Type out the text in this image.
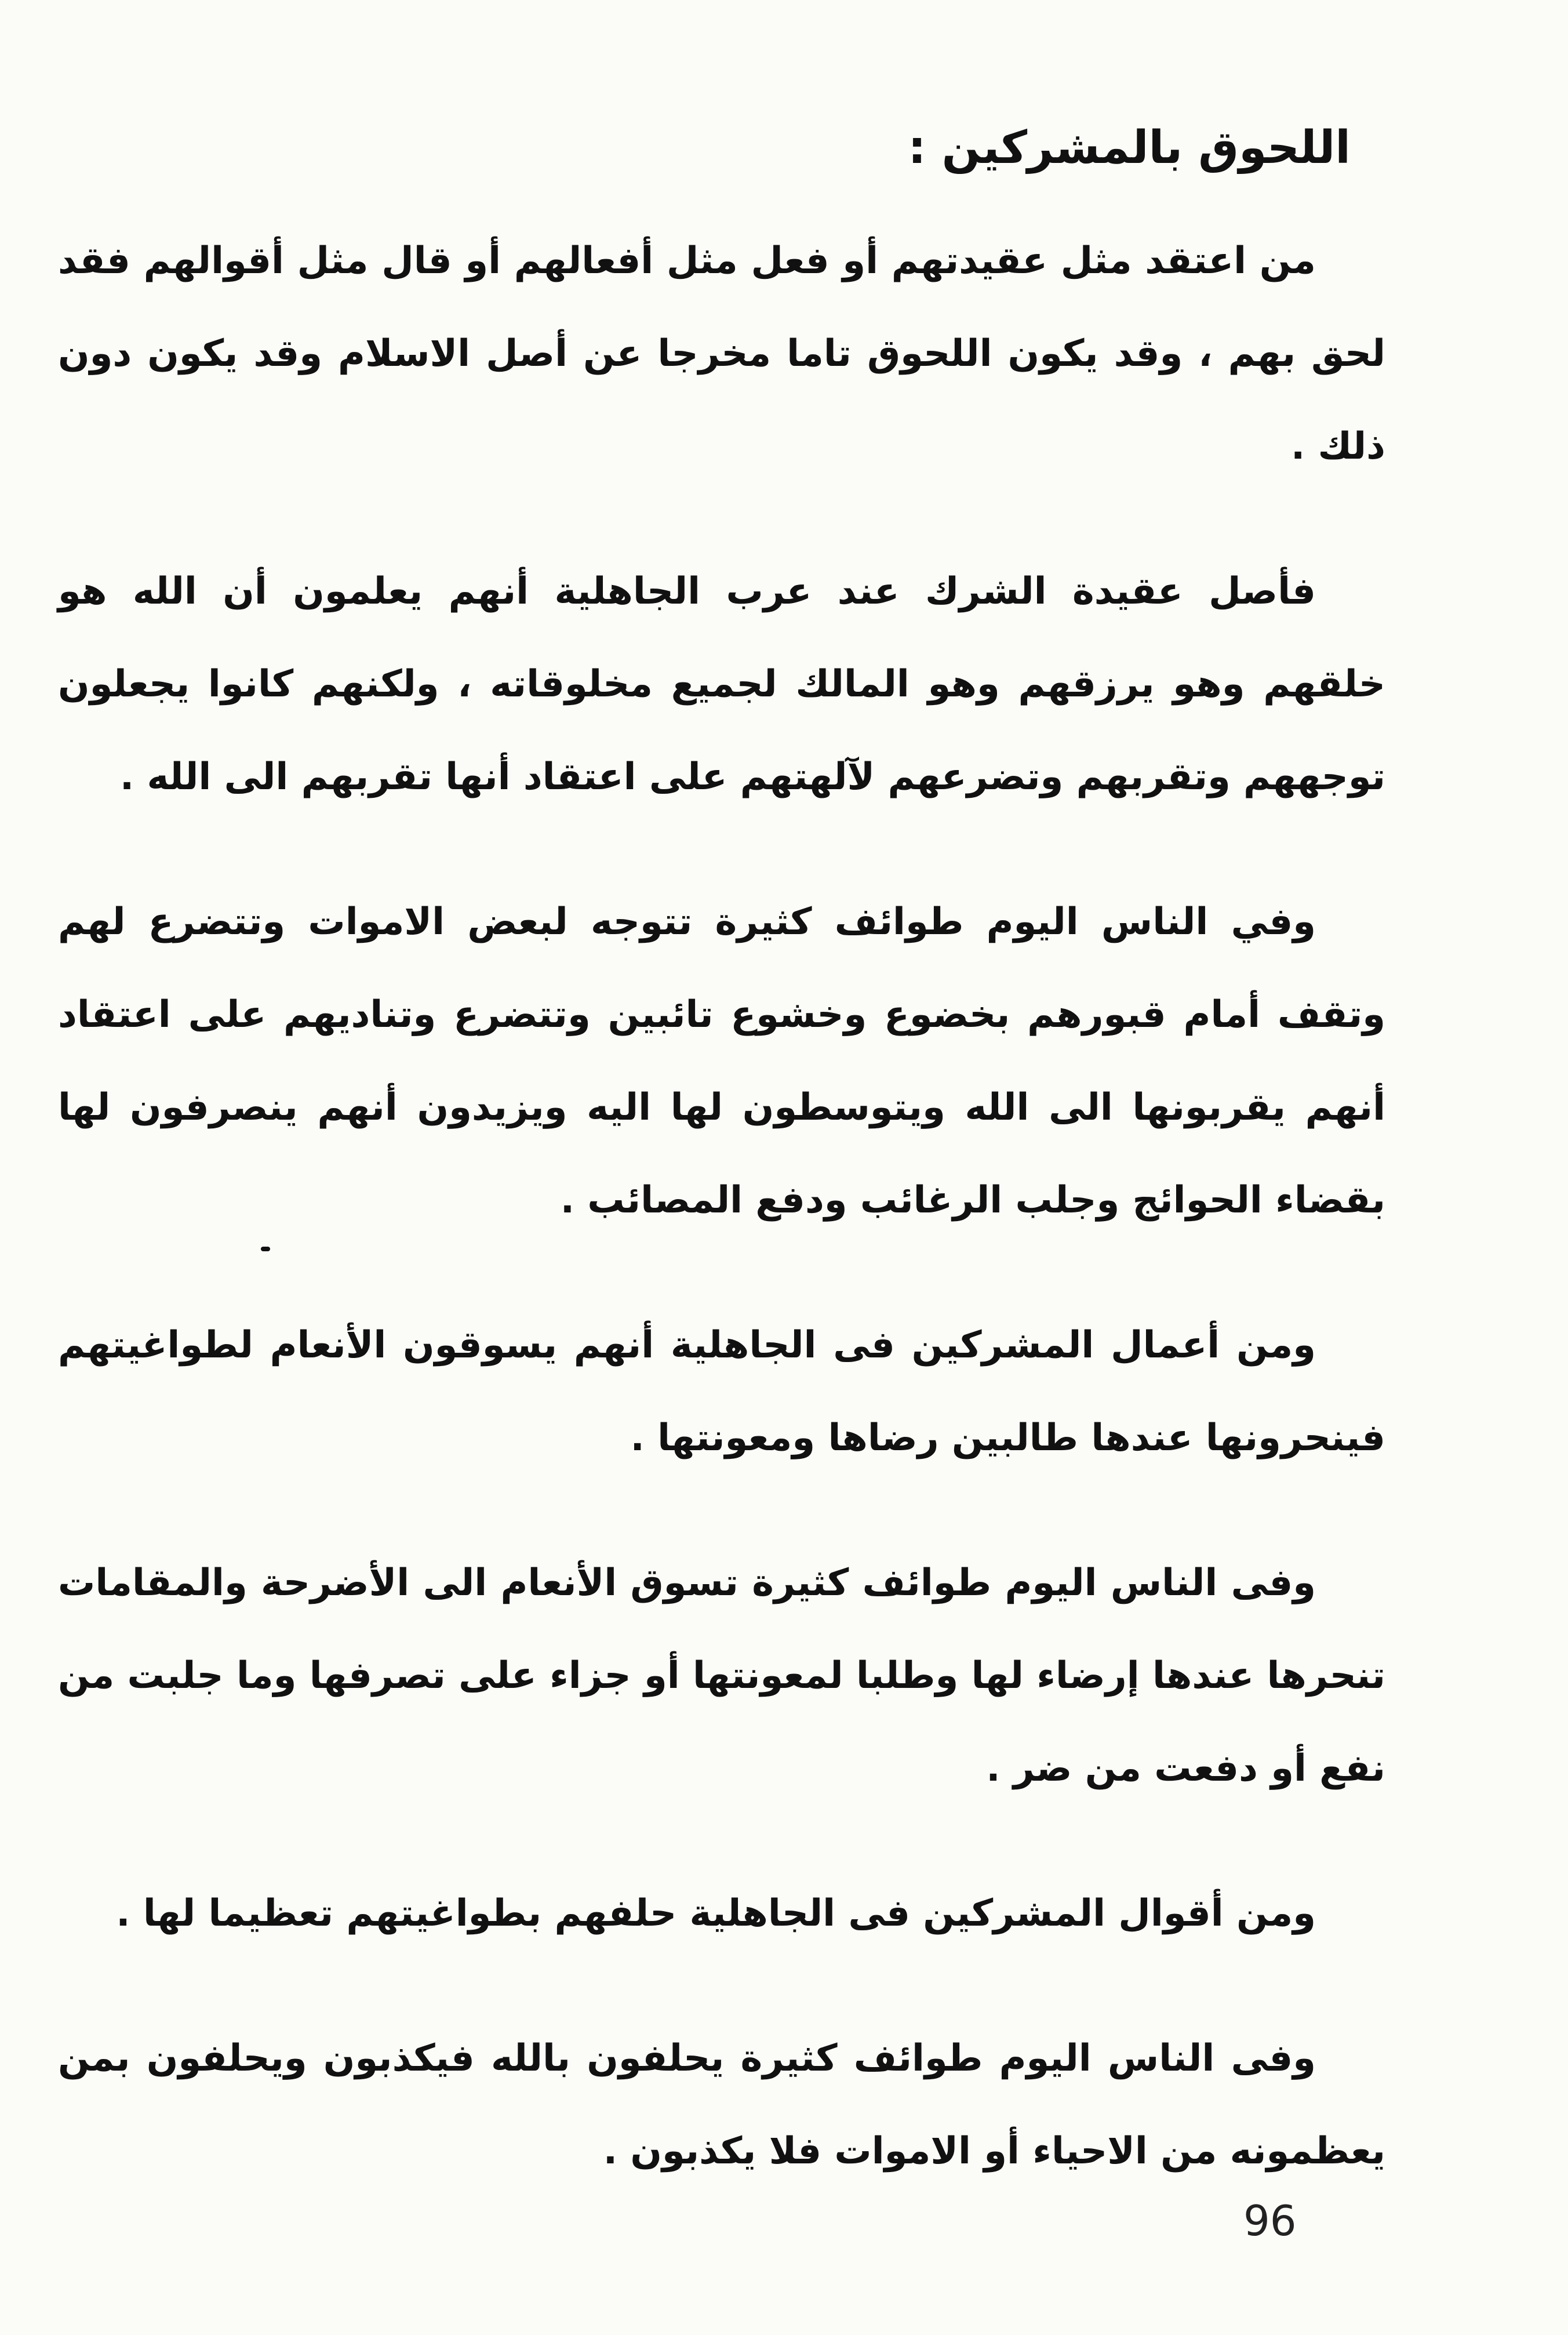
اللحوق بالمشركين :

من اعتقد مثل عقيدتهم أو فعل مثل أفعالهم أو قال مثل أقوالهم فقد لحق بهم ، وقد يكون اللحوق تاما مخرجا عن أصل الاسلام وقد يكون دون ذلك .

فأصل عقيدة الشرك عند عرب الجاهلية أنهم يعلمون أن الله هو خلقهم وهو يرزقهم وهو المالك لجميع مخلوقاته ، ولكنهم كانوا يجعلون توجههم وتقربهم وتضرعهم لآلهتهم على اعتقاد أنها تقربهم الى الله .

وفي الناس اليوم طوائف كثيرة تتوجه لبعض الاموات وتتضرع لهم وتقف أمام قبورهم بخضوع وخشوع تائبين وتتضرع وتناديهم على اعتقاد أنهم يقربونها الى الله ويتوسطون لها اليه ويزيدون أنهم ينصرفون لها بقضاء الحوائج وجلب الرغائب ودفع المصائب .

ومن أعمال المشركين فى الجاهلية أنهم يسوقون الأنعام لطواغيتهم فينحرونها عندها طالبين رضاها ومعونتها .

وفى الناس اليوم طوائف كثيرة تسوق الأنعام الى الأضرحة والمقامات تنحرها عندها إرضاء لها وطلبا لمعونتها أو جزاء على تصرفها وما جلبت من نفع أو دفعت من ضر .

ومن أقوال المشركين فى الجاهلية حلفهم بطواغيتهم تعظيما لها .

وفى الناس اليوم طوائف كثيرة يحلفون بالله فيكذبون ويحلفون بمن يعظمونه من الاحياء أو الاموات فلا يكذبون .

96
